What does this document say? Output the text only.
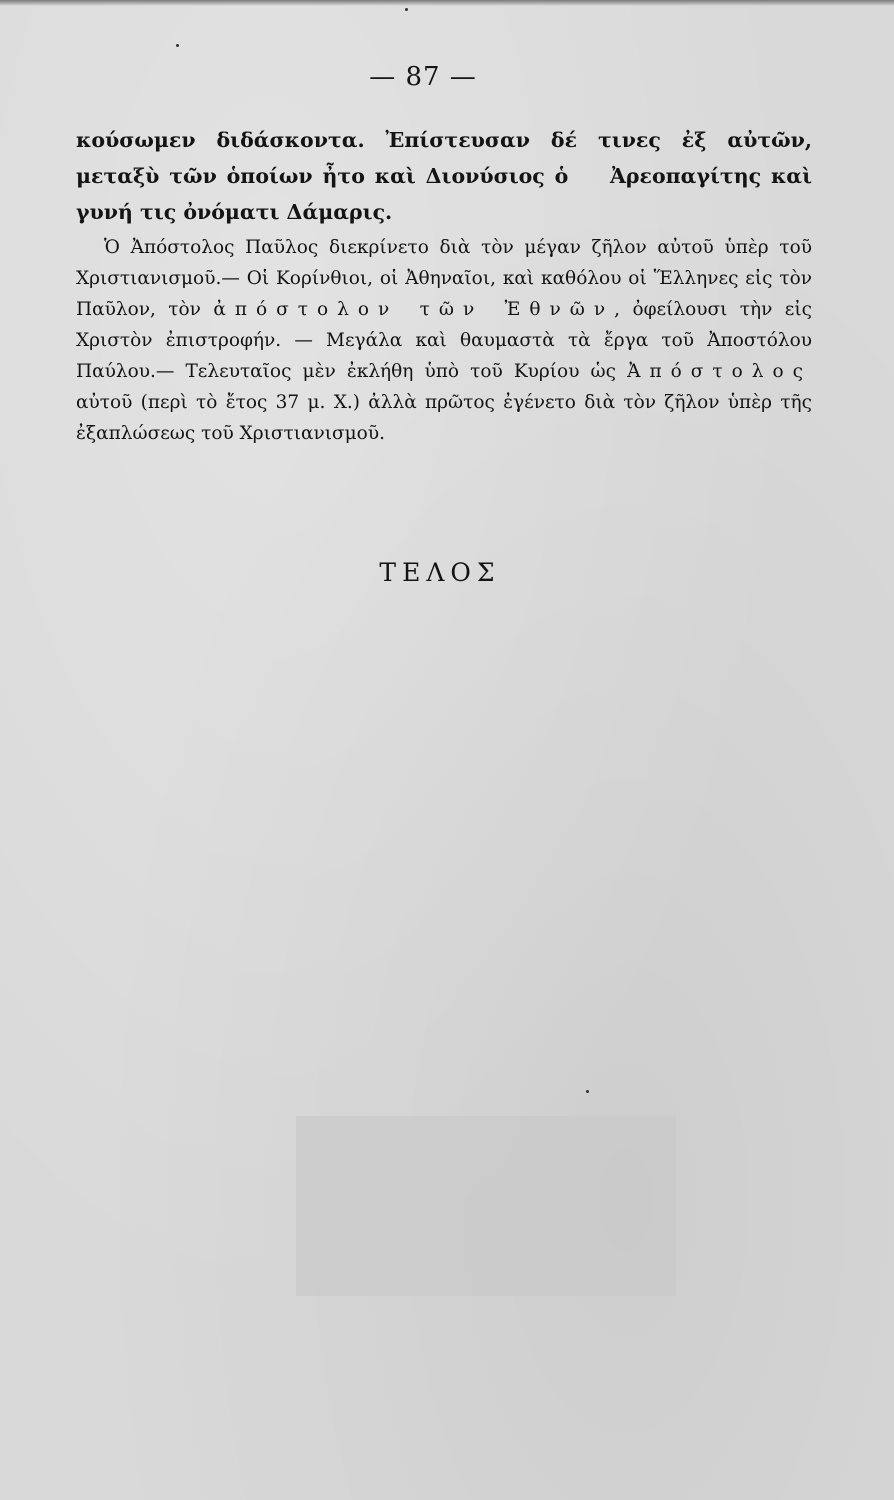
— 87 —

κούσωμεν διδάσκοντα. Ἐπίστευσαν δέ τινες ἐξ αὐτῶν, μεταξὺ τῶν ὁποίων ἦτο καὶ Διονύσιος ὁ  Ἀρεοπαγίτης καὶ γυνή τις ὀνόματι Δάμαρις.

Ὁ Ἀπόστολος Παῦλος διεκρίνετο διὰ τὸν μέγαν ζῆλον αὐτοῦ ὑπὲρ τοῦ Χριστιανισμοῦ.— Οἱ Κορίνθιοι, οἱ Ἀθηναῖοι, καὶ καθόλου οἱ Ἕλληνες εἰς τὸν Παῦλον, τὸν ἀπόστολον τῶν Ἐθνῶν, ὀφείλουσι τὴν εἰς Χριστὸν ἐπιστροφήν. — Μεγάλα καὶ θαυμαστὰ τὰ ἔργα τοῦ Ἀποστόλου Παύλου.— Τελευταῖος μὲν ἐκλήθη ὑπὸ τοῦ Κυρίου ὡς Ἀπόστολος αὐτοῦ (περὶ τὸ ἔτος 37 μ. Χ.) ἀλλὰ πρῶτος ἐγένετο διὰ τὸν ζῆλον ὑπὲρ τῆς ἐξαπλώσεως τοῦ Χριστιανισμοῦ.

ΤΕΛΟΣ
